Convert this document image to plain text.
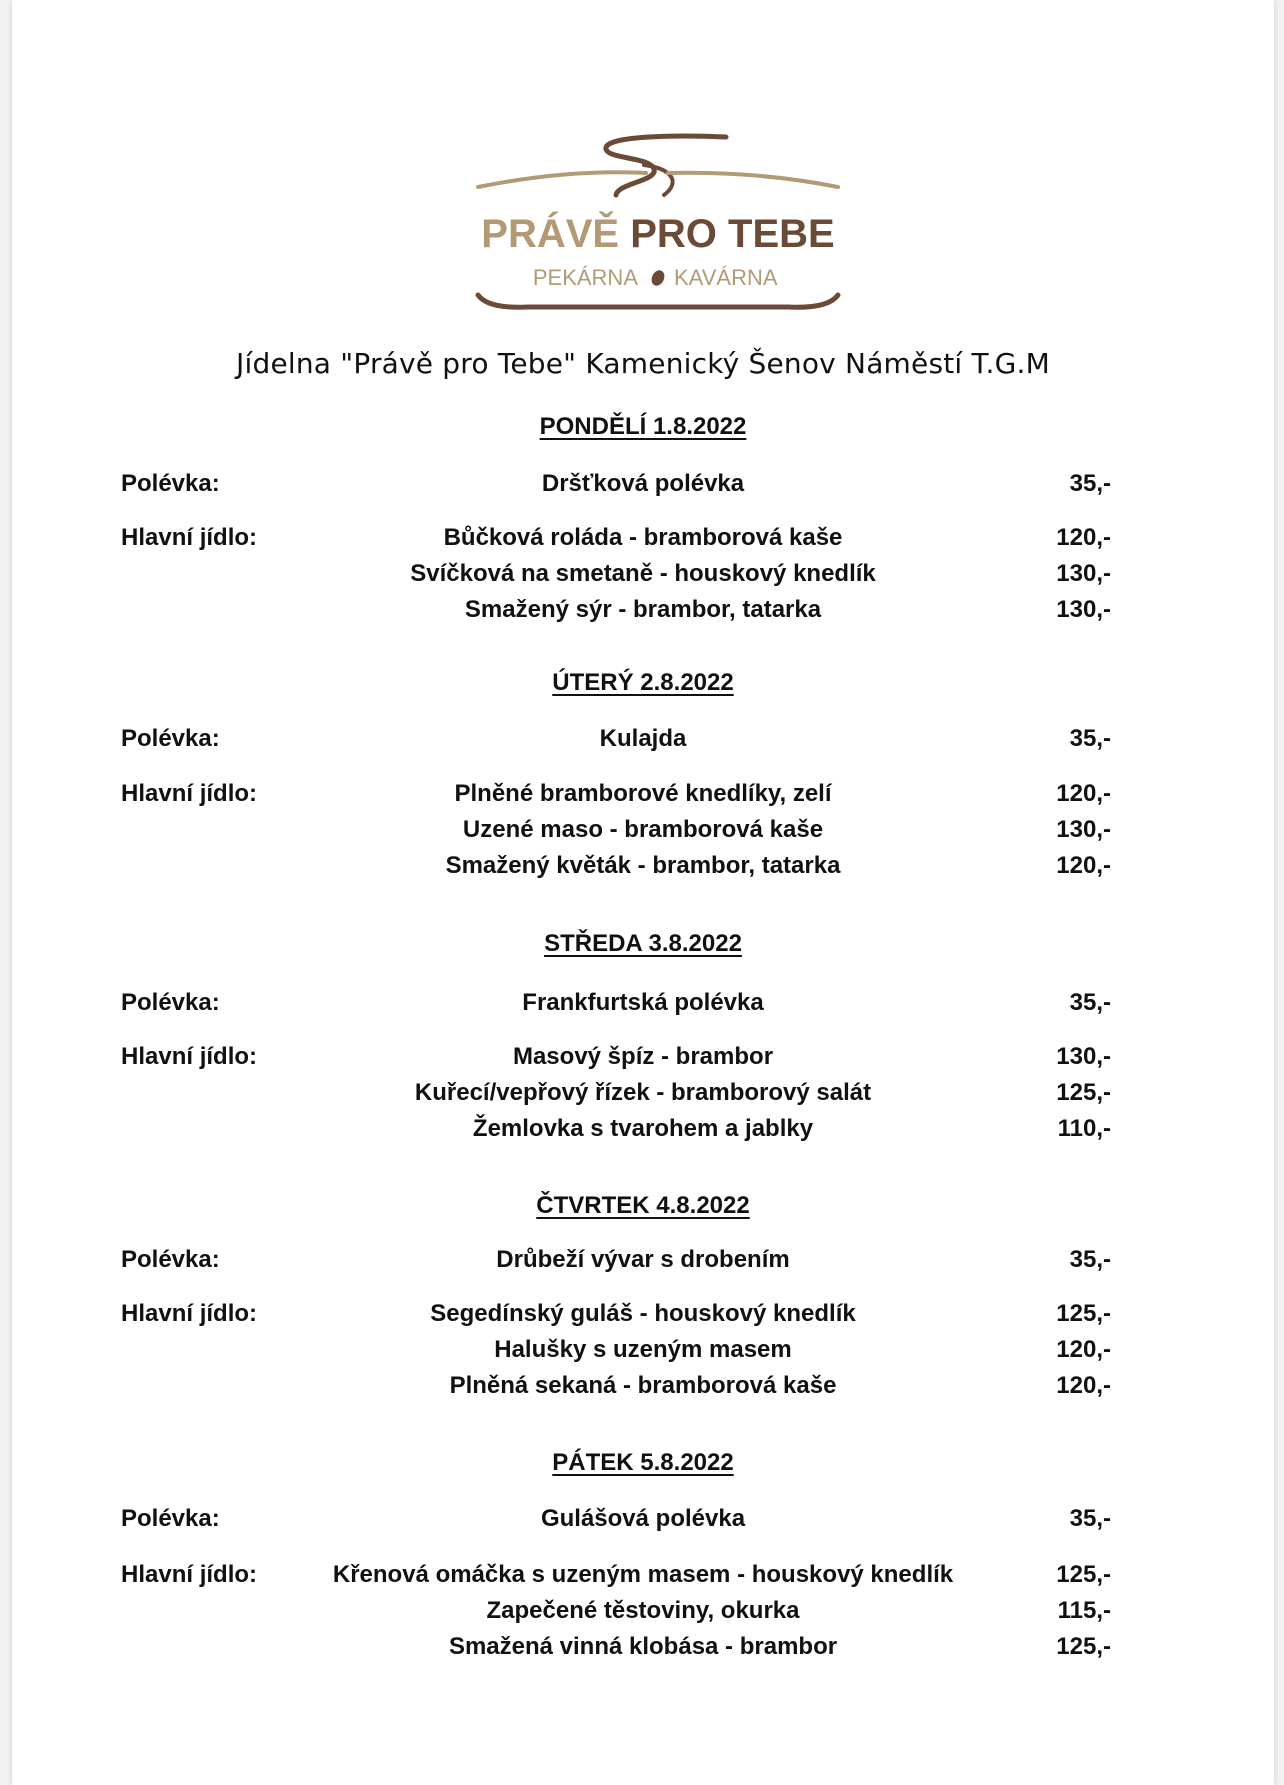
PRÁVĚ PRO TEBE
PEKÁRNA KAVÁRNA
Jídelna "Právě pro Tebe" Kamenický Šenov Náměstí T.G.M
PONDĚLÍ 1.8.2022
Polévka:	Dršťková polévka	35,-
Hlavní jídlo:	Bůčková roláda - bramborová kaše	120,-
Svíčková na smetaně - houskový knedlík	130,-
Smažený sýr - brambor, tatarka	130,-
ÚTERÝ 2.8.2022
Polévka:	Kulajda	35,-
Hlavní jídlo:	Plněné bramborové knedlíky, zelí	120,-
Uzené maso - bramborová kaše	130,-
Smažený květák - brambor, tatarka	120,-
STŘEDA 3.8.2022
Polévka:	Frankfurtská polévka	35,-
Hlavní jídlo:	Masový špíz - brambor	130,-
Kuřecí/vepřový řízek - bramborový salát	125,-
Žemlovka s tvarohem a jablky	110,-
ČTVRTEK 4.8.2022
Polévka:	Drůbeží vývar s drobením	35,-
Hlavní jídlo:	Segedínský guláš - houskový knedlík	125,-
Halušky s uzeným masem	120,-
Plněná sekaná - bramborová kaše	120,-
PÁTEK 5.8.2022
Polévka:	Gulášová polévka	35,-
Hlavní jídlo:	Křenová omáčka s uzeným masem - houskový knedlík	125,-
Zapečené těstoviny, okurka	115,-
Smažená vinná klobása - brambor	125,-
